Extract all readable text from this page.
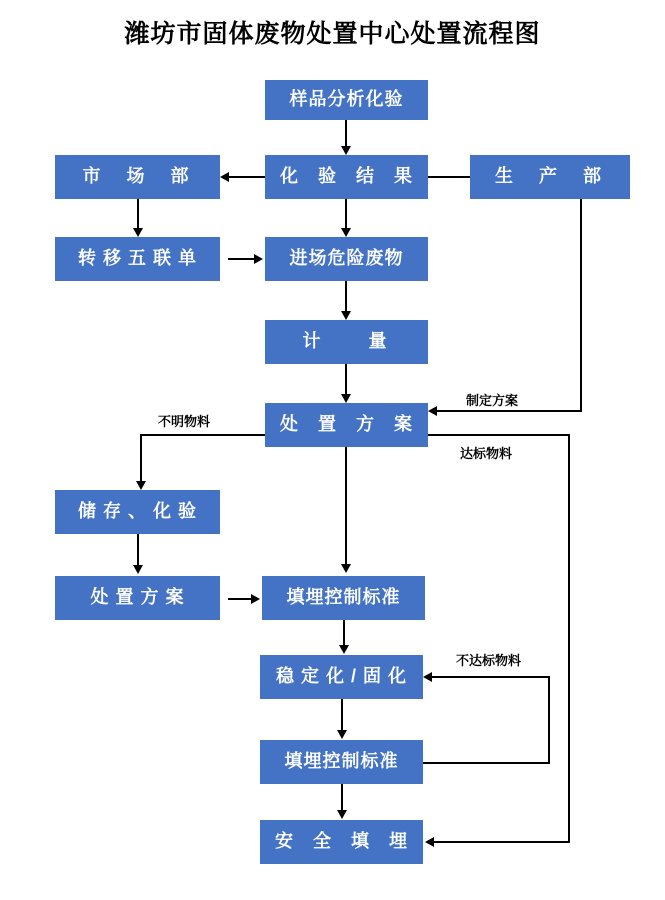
潍坊市固体废物处置中心处置流程图
样品分析化验
市　场　部	化　验　结　果	生　产　部
转 移 五 联 单	进场危险废物
计　　量
处　置　方　案
储 存 、 化 验
处 置 方 案	填埋控制标准
稳 定 化 / 固 化
填埋控制标准
安　全　填　埋
制定方案
不明物料
达标物料
不达标物料
